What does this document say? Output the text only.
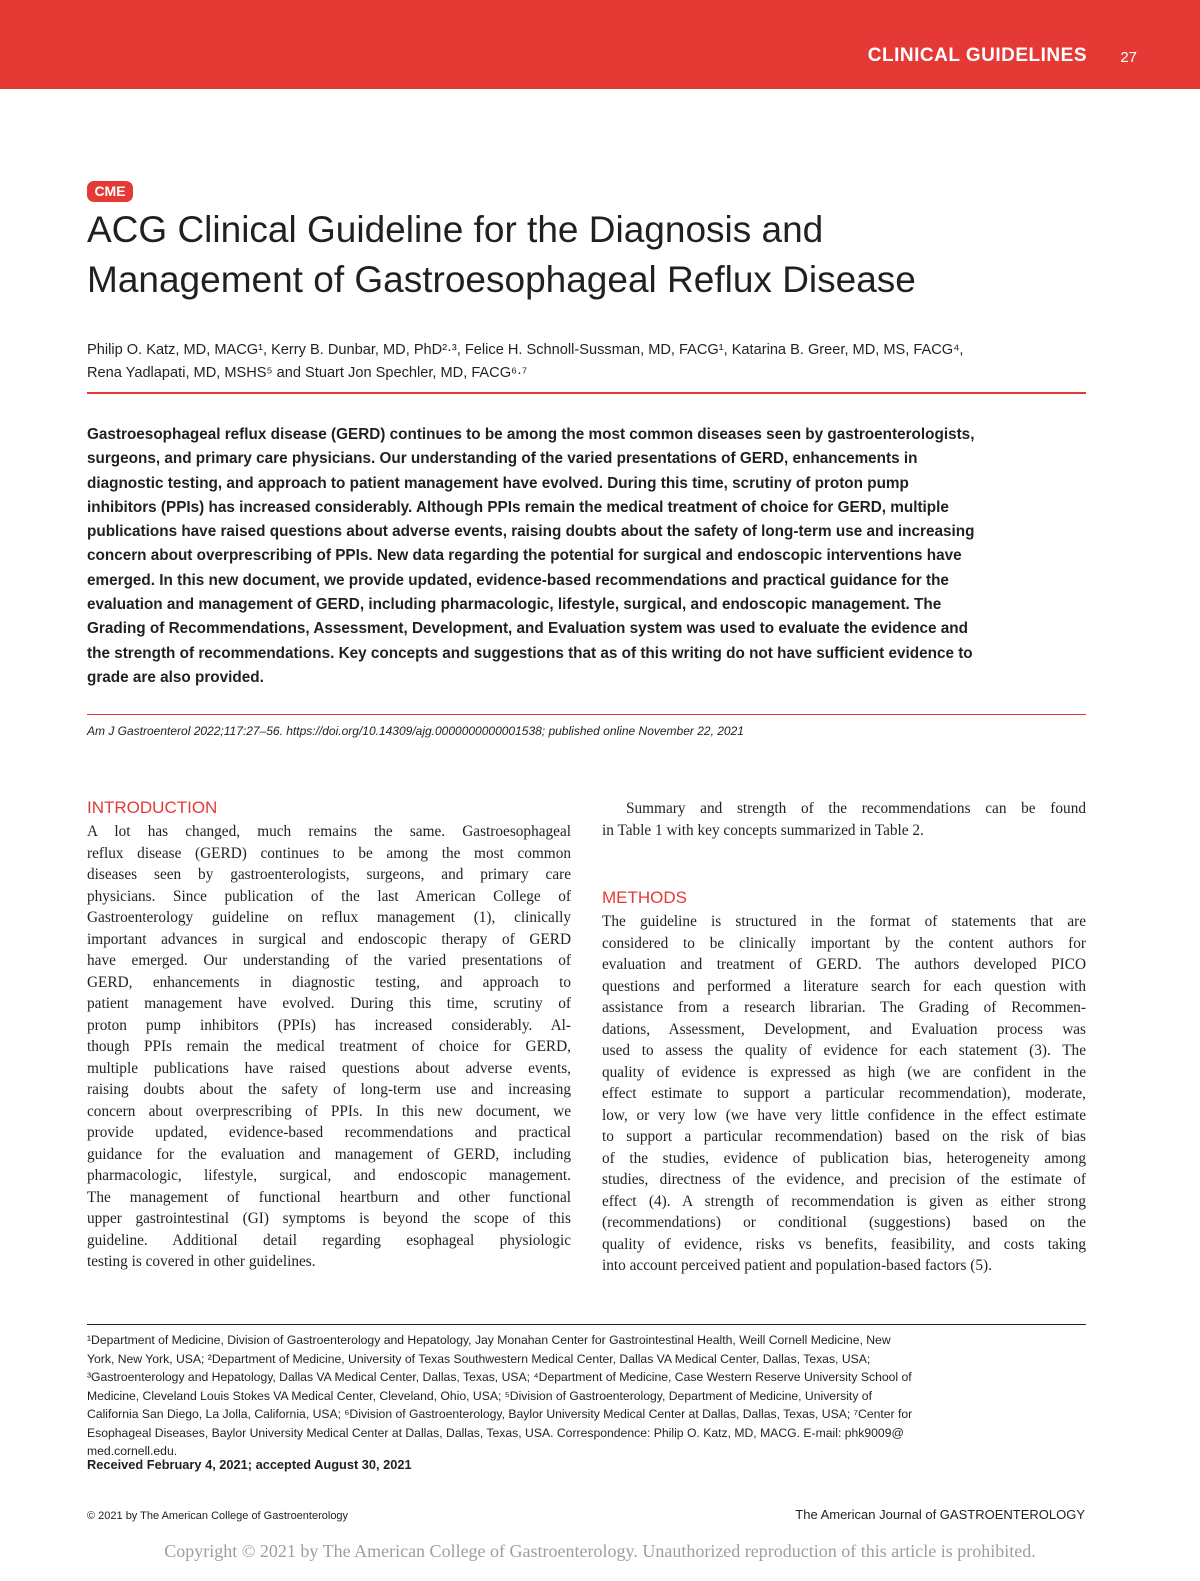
CLINICAL GUIDELINES 27
CME
ACG Clinical Guideline for the Diagnosis and
Management of Gastroesophageal Reflux Disease

Philip O. Katz, MD, MACG¹, Kerry B. Dunbar, MD, PhD²·³, Felice H. Schnoll-Sussman, MD, FACG¹, Katarina B. Greer, MD, MS, FACG⁴,
Rena Yadlapati, MD, MSHS⁵ and Stuart Jon Spechler, MD, FACG⁶·⁷

Gastroesophageal reflux disease (GERD) continues to be among the most common diseases seen by gastroenterologists,
surgeons, and primary care physicians. Our understanding of the varied presentations of GERD, enhancements in
diagnostic testing, and approach to patient management have evolved. During this time, scrutiny of proton pump
inhibitors (PPIs) has increased considerably. Although PPIs remain the medical treatment of choice for GERD, multiple
publications have raised questions about adverse events, raising doubts about the safety of long-term use and increasing
concern about overprescribing of PPIs. New data regarding the potential for surgical and endoscopic interventions have
emerged. In this new document, we provide updated, evidence-based recommendations and practical guidance for the
evaluation and management of GERD, including pharmacologic, lifestyle, surgical, and endoscopic management. The
Grading of Recommendations, Assessment, Development, and Evaluation system was used to evaluate the evidence and
the strength of recommendations. Key concepts and suggestions that as of this writing do not have sufficient evidence to
grade are also provided.

Am J Gastroenterol 2022;117:27–56. https://doi.org/10.14309/ajg.0000000000001538; published online November 22, 2021
INTRODUCTION

A lot has changed, much remains the same. Gastroesophageal
reflux disease (GERD) continues to be among the most common
diseases seen by gastroenterologists, surgeons, and primary care
physicians. Since publication of the last American College of
Gastroenterology guideline on reflux management (1), clinically
important advances in surgical and endoscopic therapy of GERD
have emerged. Our understanding of the varied presentations of
GERD, enhancements in diagnostic testing, and approach to
patient management have evolved. During this time, scrutiny of
proton pump inhibitors (PPIs) has increased considerably. Al-
though PPIs remain the medical treatment of choice for GERD,
multiple publications have raised questions about adverse events,
raising doubts about the safety of long-term use and increasing
concern about overprescribing of PPIs. In this new document, we
provide updated, evidence-based recommendations and practical
guidance for the evaluation and management of GERD, including
pharmacologic, lifestyle, surgical, and endoscopic management.
The management of functional heartburn and other functional
upper gastrointestinal (GI) symptoms is beyond the scope of this
guideline. Additional detail regarding esophageal physiologic
testing is covered in other guidelines.

Summary and strength of the recommendations can be found
in Table 1 with key concepts summarized in Table 2.

METHODS

The guideline is structured in the format of statements that are
considered to be clinically important by the content authors for
evaluation and treatment of GERD. The authors developed PICO
questions and performed a literature search for each question with
assistance from a research librarian. The Grading of Recommen-
dations, Assessment, Development, and Evaluation process was
used to assess the quality of evidence for each statement (3). The
quality of evidence is expressed as high (we are confident in the
effect estimate to support a particular recommendation), moderate,
low, or very low (we have very little confidence in the effect estimate
to support a particular recommendation) based on the risk of bias
of the studies, evidence of publication bias, heterogeneity among
studies, directness of the evidence, and precision of the estimate of
effect (4). A strength of recommendation is given as either strong
(recommendations) or conditional (suggestions) based on the
quality of evidence, risks vs benefits, feasibility, and costs taking
into account perceived patient and population-based factors (5).

¹Department of Medicine, Division of Gastroenterology and Hepatology, Jay Monahan Center for Gastrointestinal Health, Weill Cornell Medicine, New
York, New York, USA; ²Department of Medicine, University of Texas Southwestern Medical Center, Dallas VA Medical Center, Dallas, Texas, USA;
³Gastroenterology and Hepatology, Dallas VA Medical Center, Dallas, Texas, USA; ⁴Department of Medicine, Case Western Reserve University School of
Medicine, Cleveland Louis Stokes VA Medical Center, Cleveland, Ohio, USA; ⁵Division of Gastroenterology, Department of Medicine, University of
California San Diego, La Jolla, California, USA; ⁶Division of Gastroenterology, Baylor University Medical Center at Dallas, Dallas, Texas, USA; ⁷Center for
Esophageal Diseases, Baylor University Medical Center at Dallas, Dallas, Texas, USA. Correspondence: Philip O. Katz, MD, MACG. E-mail: phk9009@
med.cornell.edu.
Received February 4, 2021; accepted August 30, 2021
© 2021 by The American College of Gastroenterology	The American Journal of GASTROENTEROLOGY
Copyright © 2021 by The American College of Gastroenterology. Unauthorized reproduction of this article is prohibited.
